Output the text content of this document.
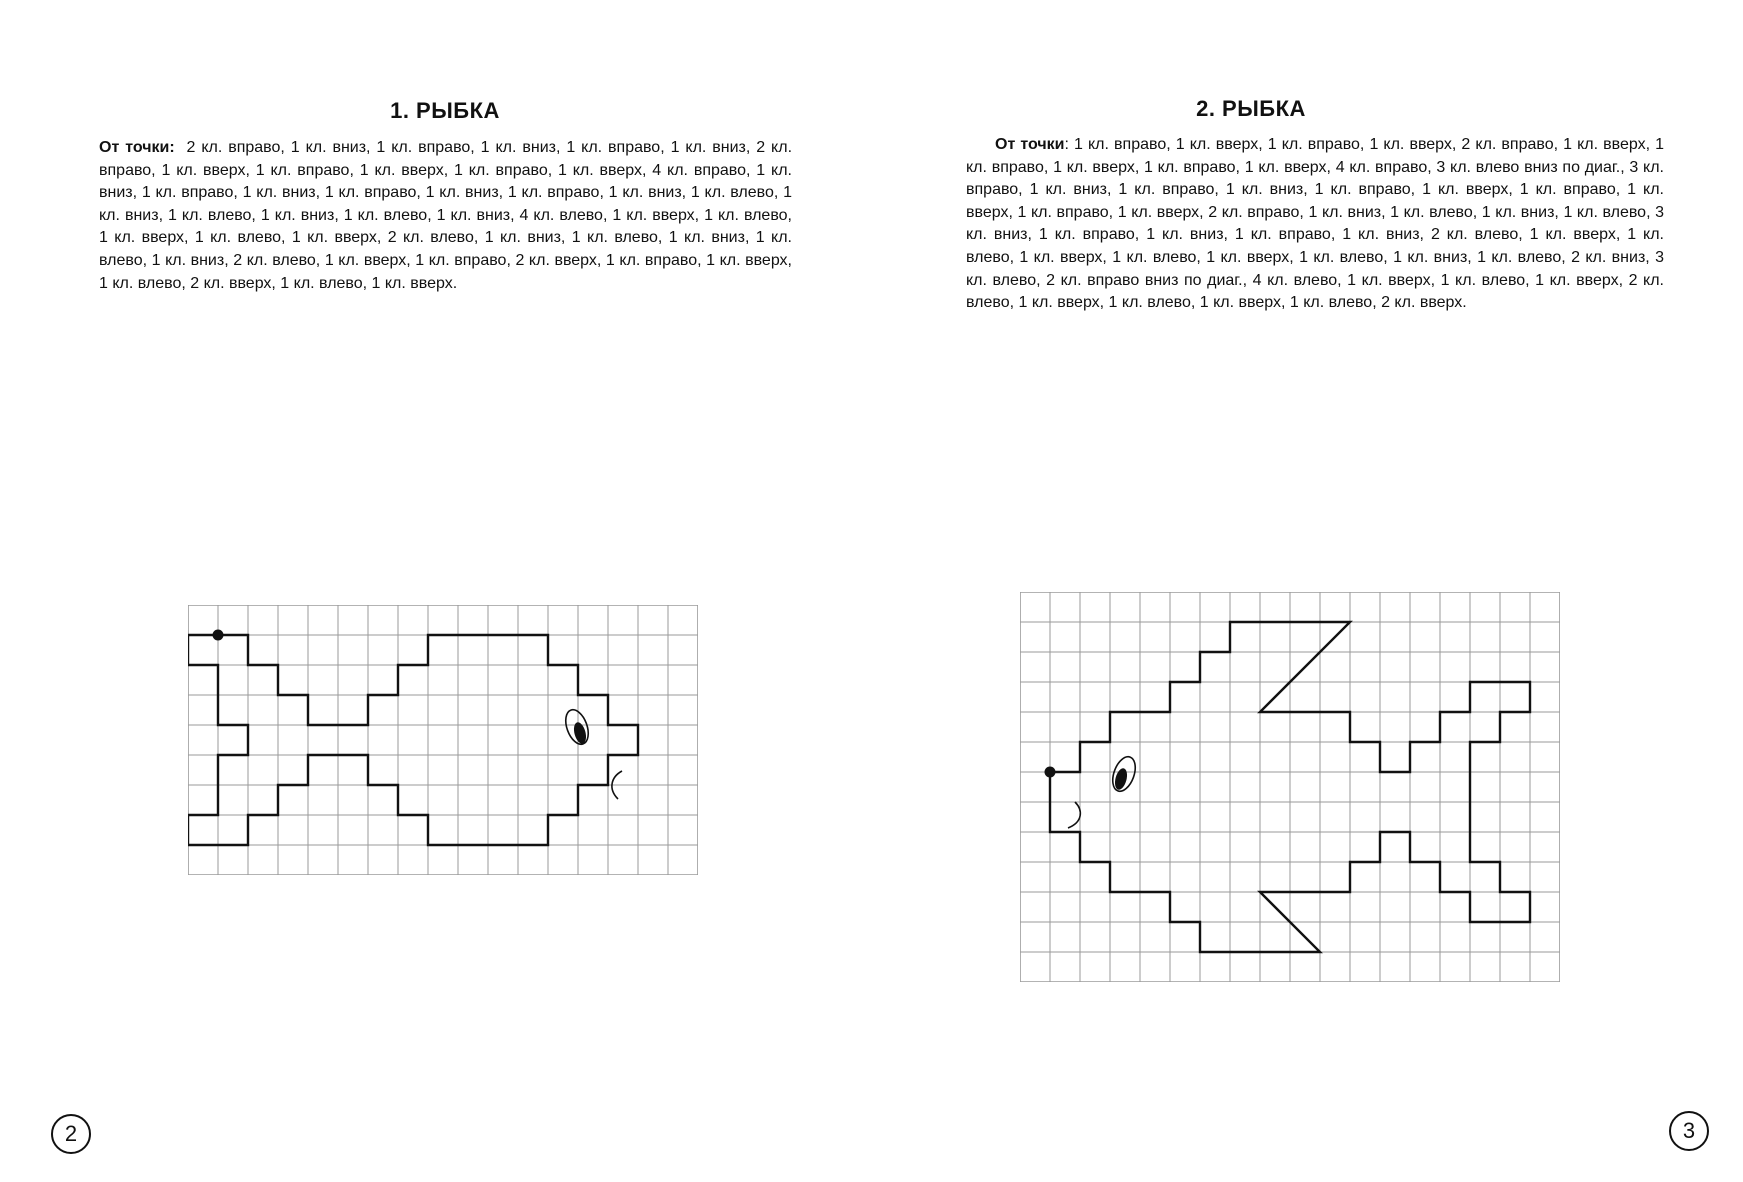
1. РЫБКА

От точки: 2 кл. вправо, 1 кл. вниз, 1 кл. вправо, 1 кл. вниз, 1 кл. вправо, 1 кл. вниз, 2 кл. вправо, 1 кл. вверх, 1 кл. вправо, 1 кл. вверх, 1 кл. вправо, 1 кл. вверх, 4 кл. вправо, 1 кл. вниз, 1 кл. вправо, 1 кл. вниз, 1 кл. вправо, 1 кл. вниз, 1 кл. вправо, 1 кл. вниз, 1 кл. влево, 1 кл. вниз, 1 кл. влево, 1 кл. вниз, 1 кл. влево, 1 кл. вниз, 4 кл. влево, 1 кл. вверх, 1 кл. влево, 1 кл. вверх, 1 кл. влево, 1 кл. вверх, 2 кл. влево, 1 кл. вниз, 1 кл. влево, 1 кл. вниз, 1 кл. влево, 1 кл. вниз, 2 кл. влево, 1 кл. вверх, 1 кл. вправо, 2 кл. вверх, 1 кл. вправо, 1 кл. вверх, 1 кл. влево, 2 кл. вверх, 1 кл. влево, 1 кл. вверх.

2
2. РЫБКА

От точки: 1 кл. вправо, 1 кл. вверх, 1 кл. вправо, 1 кл. вверх, 2 кл. вправо, 1 кл. вверх, 1 кл. вправо, 1 кл. вверх, 1 кл. вправо, 1 кл. вверх, 4 кл. вправо, 3 кл. влево вниз по диаг., 3 кл. вправо, 1 кл. вниз, 1 кл. вправо, 1 кл. вниз, 1 кл. вправо, 1 кл. вверх, 1 кл. вправо, 1 кл. вверх, 1 кл. вправо, 1 кл. вверх, 2 кл. вправо, 1 кл. вниз, 1 кл. влево, 1 кл. вниз, 1 кл. влево, 3 кл. вниз, 1 кл. вправо, 1 кл. вниз, 1 кл. вправо, 1 кл. вниз, 2 кл. влево, 1 кл. вверх, 1 кл. влево, 1 кл. вверх, 1 кл. влево, 1 кл. вверх, 1 кл. влево, 1 кл. вниз, 1 кл. влево, 2 кл. вниз, 3 кл. влево, 2 кл. вправо вниз по диаг., 4 кл. влево, 1 кл. вверх, 1 кл. влево, 1 кл. вверх, 2 кл. влево, 1 кл. вверх, 1 кл. влево, 1 кл. вверх, 1 кл. влево, 2 кл. вверх.

3
